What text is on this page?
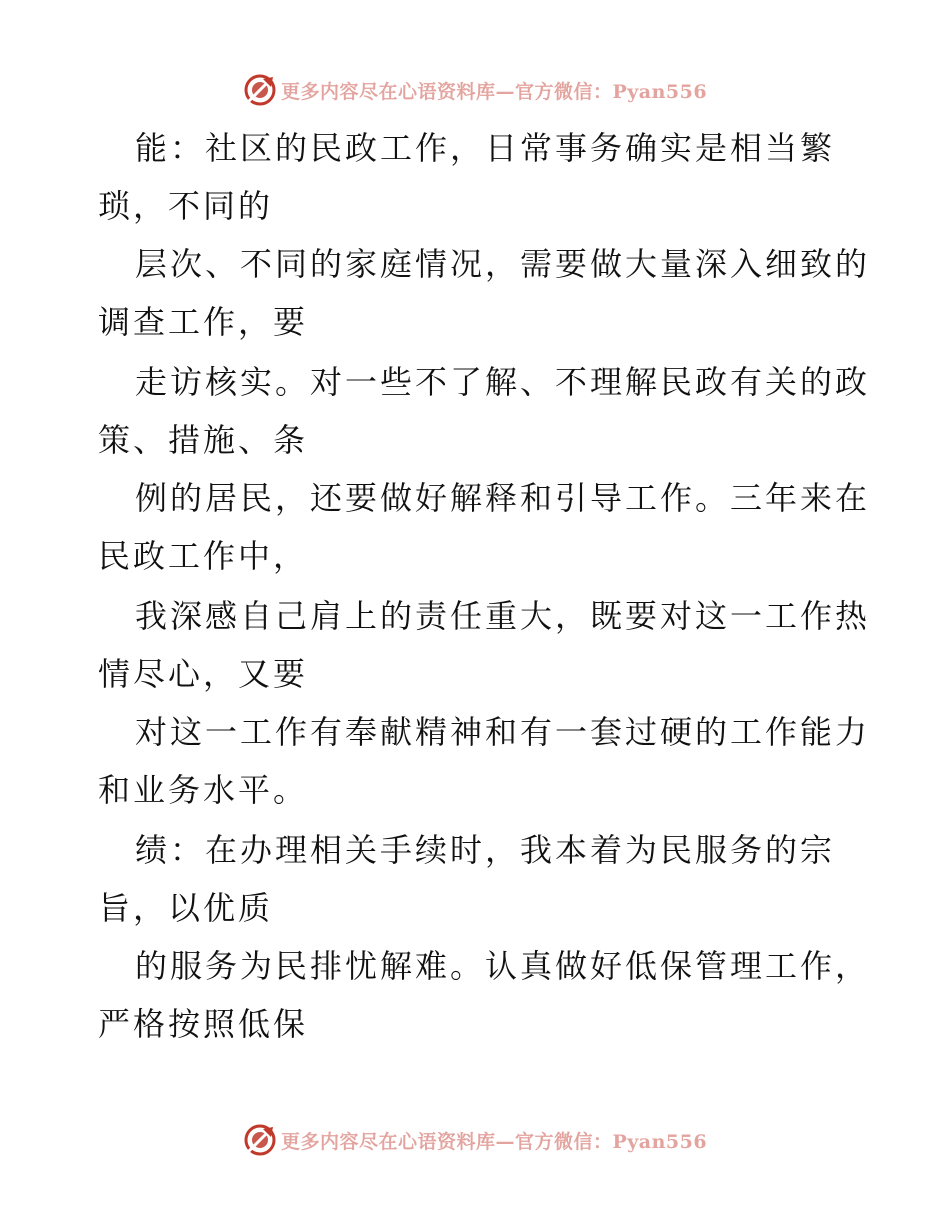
更多内容尽在心语资料库—官方微信：Pyan556
能：社区的民政工作，日常事务确实是相当繁
琐，不同的
层次、不同的家庭情况，需要做大量深入细致的
调查工作，要
走访核实。对一些不了解、不理解民政有关的政
策、措施、条
例的居民，还要做好解释和引导工作。三年来在
民政工作中，
我深感自己肩上的责任重大，既要对这一工作热
情尽心，又要
对这一工作有奉献精神和有一套过硬的工作能力
和业务水平。
绩：在办理相关手续时，我本着为民服务的宗
旨，以优质
的服务为民排忧解难。认真做好低保管理工作，
严格按照低保
更多内容尽在心语资料库—官方微信：Pyan556
